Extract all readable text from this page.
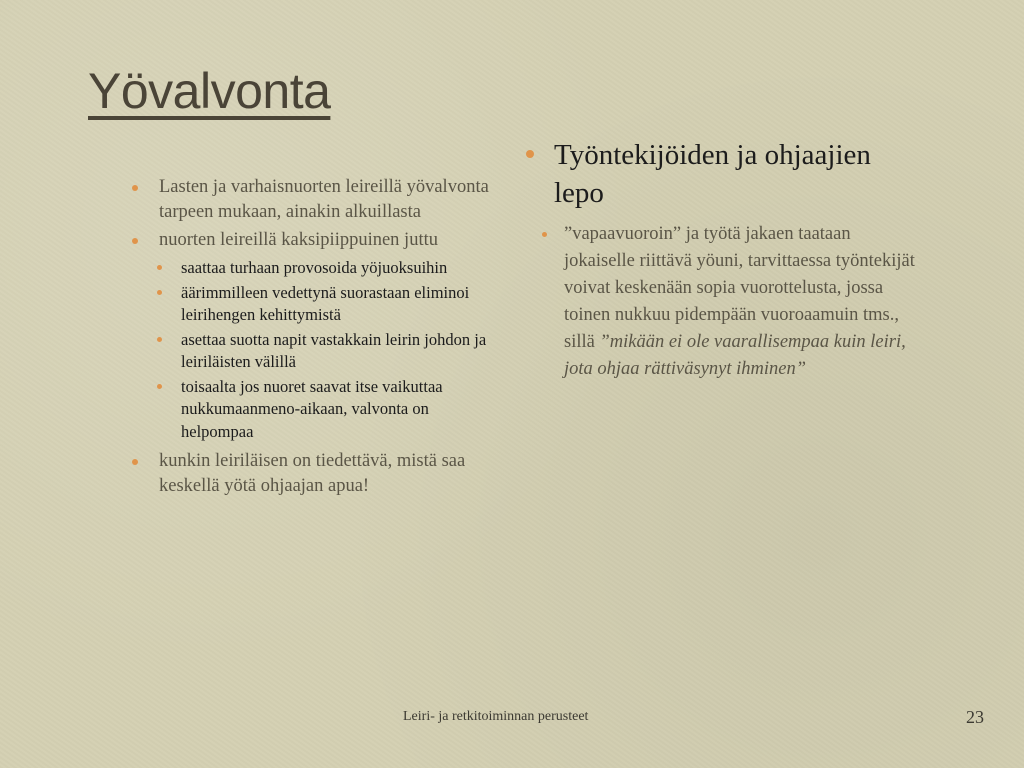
Yövalvonta
Lasten ja varhaisnuorten leireillä yövalvonta tarpeen mukaan, ainakin alkuillasta
nuorten leireillä kaksipiippuinen juttu
saattaa turhaan provosoida yöjuoksuihin
äärimmilleen vedettynä suorastaan eliminoi leirihengen kehittymistä
asettaa suotta napit vastakkain leirin johdon ja leiriläisten välillä
toisaalta jos nuoret saavat itse vaikuttaa nukkumaanmeno-aikaan, valvonta on helpompaa
kunkin leiriläisen on tiedettävä, mistä saa keskellä yötä ohjaajan apua!
Työntekijöiden ja ohjaajien lepo
”vapaavuoroin” ja työtä jakaen taataan jokaiselle riittävä yöuni, tarvittaessa työntekijät voivat keskenään sopia vuorottelusta, jossa toinen nukkuu pidempään vuoroaamuin tms., sillä ”mikään ei ole vaarallisempaa kuin leiri, jota ohjaa rättiväsynyt ihminen”
Leiri- ja retkitoiminnan perusteet	23
